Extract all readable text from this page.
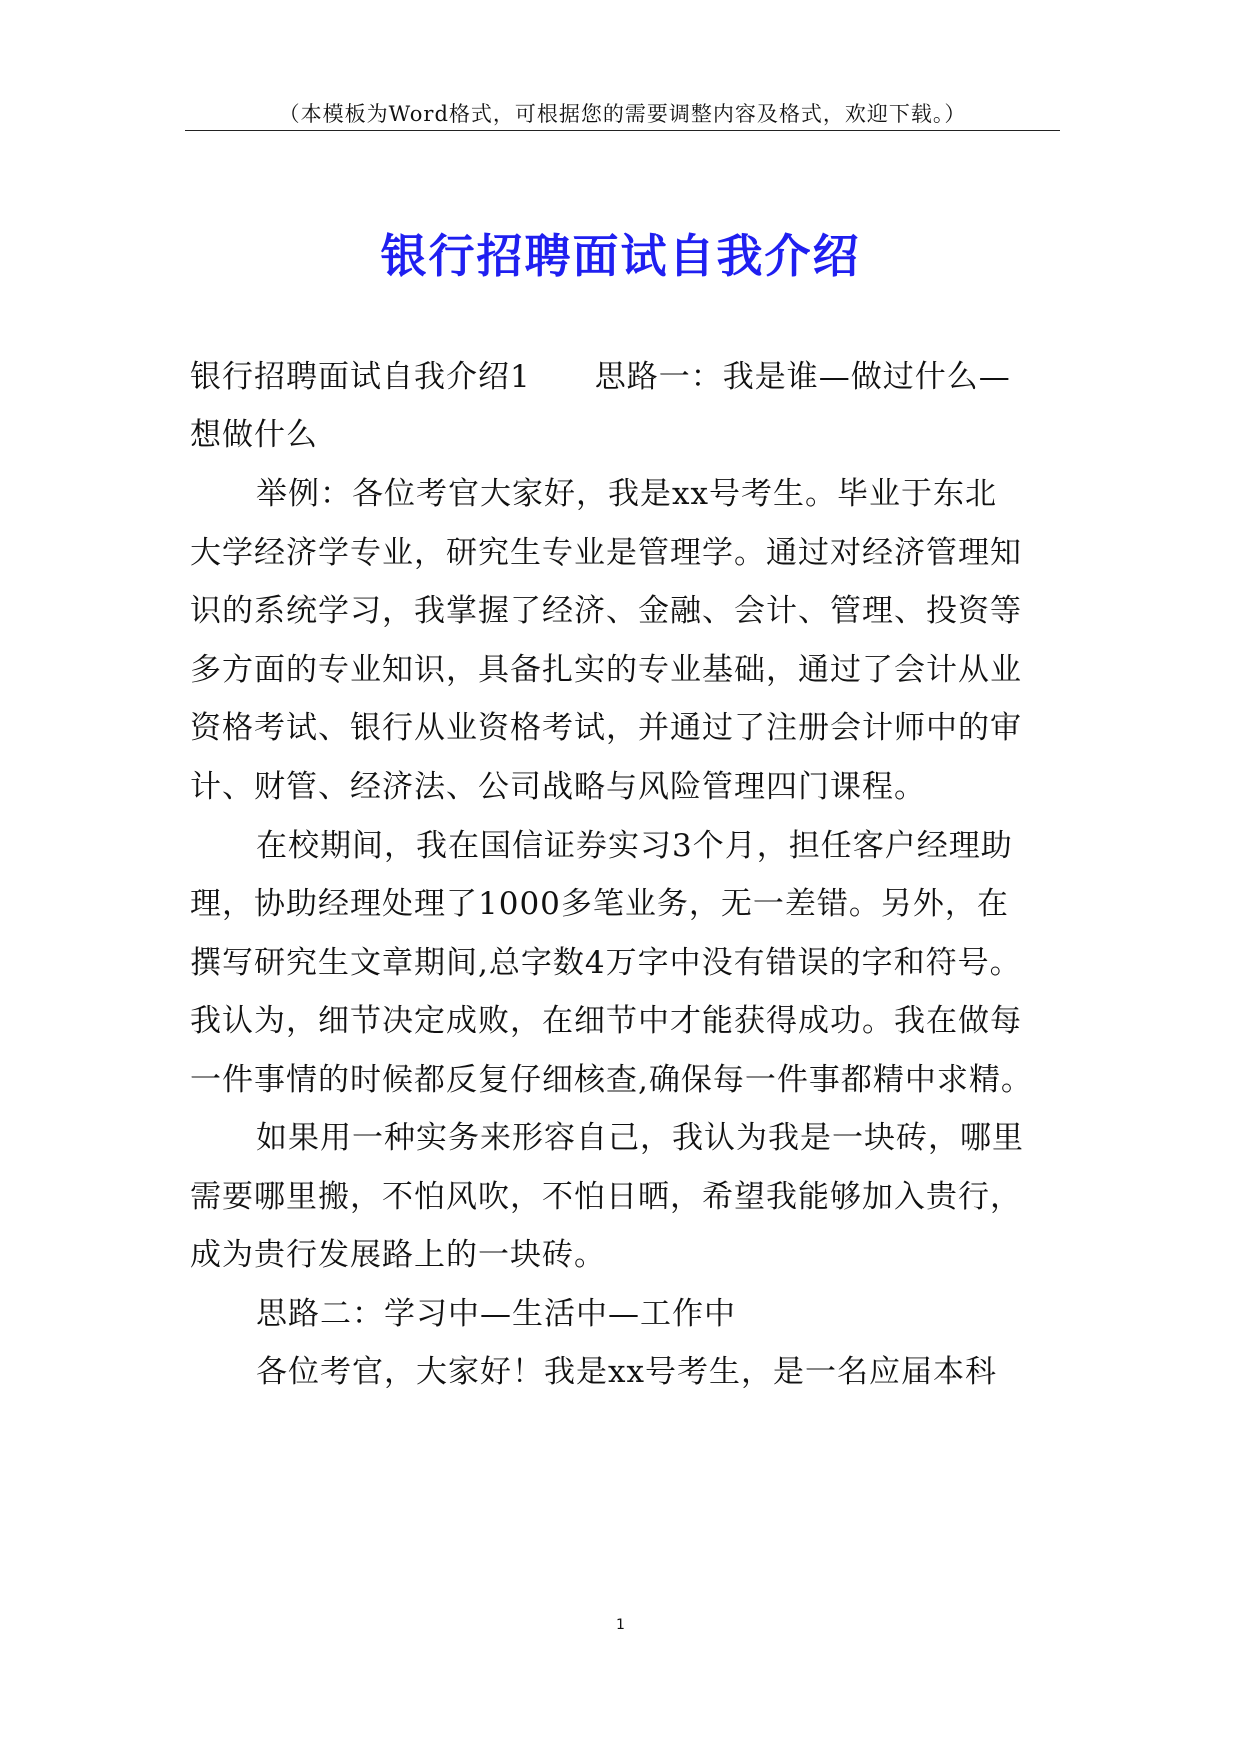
（本模板为Word格式，可根据您的需要调整内容及格式，欢迎下载。）
银行招聘面试自我介绍
银行招聘面试自我介绍1　　思路一：我是谁—做过什么—
想做什么
举例：各位考官大家好，我是xx号考生。毕业于东北
大学经济学专业，研究生专业是管理学。通过对经济管理知
识的系统学习，我掌握了经济、金融、会计、管理、投资等
多方面的专业知识，具备扎实的专业基础，通过了会计从业
资格考试、银行从业资格考试，并通过了注册会计师中的审
计、财管、经济法、公司战略与风险管理四门课程。
在校期间，我在国信证券实习3个月，担任客户经理助
理，协助经理处理了1000多笔业务，无一差错。另外，在
撰写研究生文章期间,总字数4万字中没有错误的字和符号。
我认为，细节决定成败，在细节中才能获得成功。我在做每
一件事情的时候都反复仔细核查,确保每一件事都精中求精。
如果用一种实务来形容自己，我认为我是一块砖，哪里
需要哪里搬，不怕风吹，不怕日晒，希望我能够加入贵行，
成为贵行发展路上的一块砖。
思路二：学习中—生活中—工作中
各位考官，大家好！我是xx号考生，是一名应届本科
1
